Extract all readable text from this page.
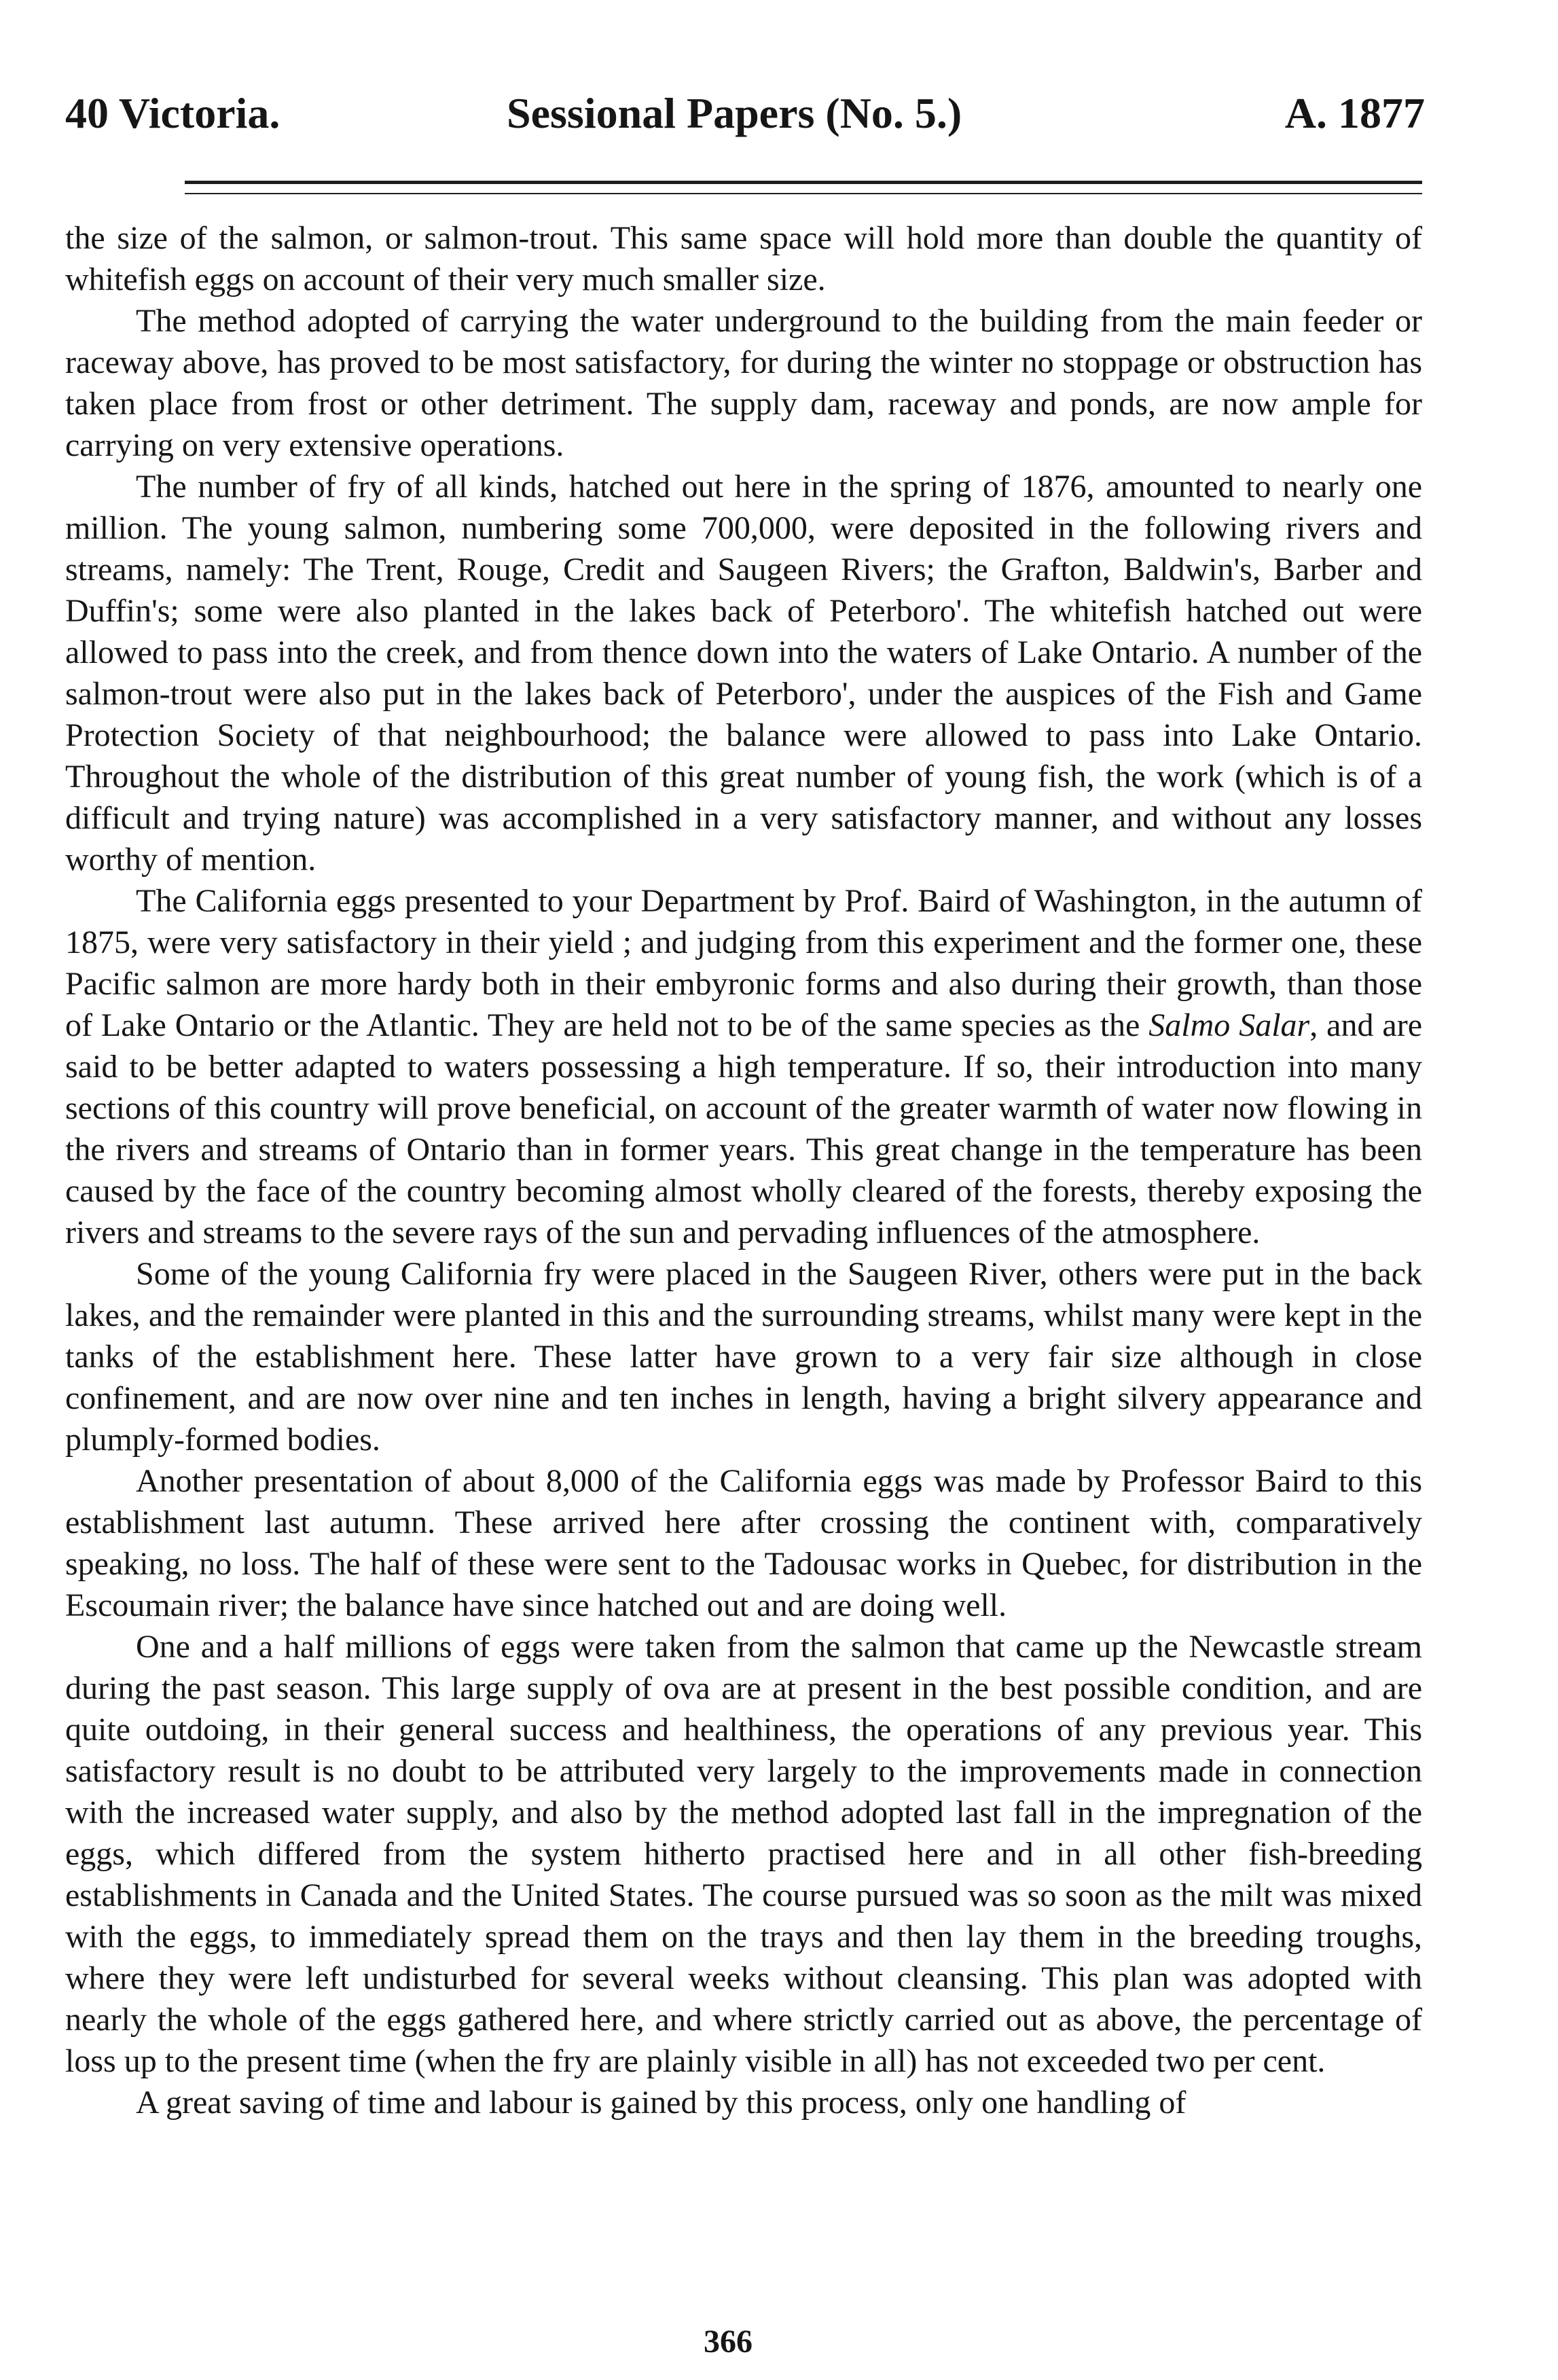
40 Victoria.	Sessional Papers (No. 5.)	A. 1877

the size of the salmon, or salmon-trout. This same space will hold more than double the quantity of whitefish eggs on account of their very much smaller size.

The method adopted of carrying the water underground to the building from the main feeder or raceway above, has proved to be most satisfactory, for during the winter no stoppage or obstruction has taken place from frost or other detriment. The supply dam, raceway and ponds, are now ample for carrying on very extensive operations.

The number of fry of all kinds, hatched out here in the spring of 1876, amounted to nearly one million. The young salmon, numbering some 700,000, were deposited in the following rivers and streams, namely: The Trent, Rouge, Credit and Saugeen Rivers; the Grafton, Baldwin's, Barber and Duffin's; some were also planted in the lakes back of Peterboro'. The whitefish hatched out were allowed to pass into the creek, and from thence down into the waters of Lake Ontario. A number of the salmon-trout were also put in the lakes back of Peterboro', under the auspices of the Fish and Game Protection Society of that neighbourhood; the balance were allowed to pass into Lake Ontario. Throughout the whole of the distribution of this great number of young fish, the work (which is of a difficult and trying nature) was accomplished in a very satisfactory manner, and without any losses worthy of mention.

The California eggs presented to your Department by Prof. Baird of Washington, in the autumn of 1875, were very satisfactory in their yield ; and judging from this experiment and the former one, these Pacific salmon are more hardy both in their embyronic forms and also during their growth, than those of Lake Ontario or the Atlantic. They are held not to be of the same species as the Salmo Salar, and are said to be better adapted to waters possessing a high temperature. If so, their introduction into many sections of this country will prove beneficial, on account of the greater warmth of water now flowing in the rivers and streams of Ontario than in former years. This great change in the temperature has been caused by the face of the country becoming almost wholly cleared of the forests, thereby exposing the rivers and streams to the severe rays of the sun and pervading influences of the atmosphere.

Some of the young California fry were placed in the Saugeen River, others were put in the back lakes, and the remainder were planted in this and the surrounding streams, whilst many were kept in the tanks of the establishment here. These latter have grown to a very fair size although in close confinement, and are now over nine and ten inches in length, having a bright silvery appearance and plumply-formed bodies.

Another presentation of about 8,000 of the California eggs was made by Professor Baird to this establishment last autumn. These arrived here after crossing the continent with, comparatively speaking, no loss. The half of these were sent to the Tadousac works in Quebec, for distribution in the Escoumain river; the balance have since hatched out and are doing well.

One and a half millions of eggs were taken from the salmon that came up the Newcastle stream during the past season. This large supply of ova are at present in the best possible condition, and are quite outdoing, in their general success and healthiness, the operations of any previous year. This satisfactory result is no doubt to be attributed very largely to the improvements made in connection with the increased water supply, and also by the method adopted last fall in the impregnation of the eggs, which differed from the system hitherto practised here and in all other fish-breeding establishments in Canada and the United States. The course pursued was so soon as the milt was mixed with the eggs, to immediately spread them on the trays and then lay them in the breeding troughs, where they were left undisturbed for several weeks without cleansing. This plan was adopted with nearly the whole of the eggs gathered here, and where strictly carried out as above, the percentage of loss up to the present time (when the fry are plainly visible in all) has not exceeded two per cent.

A great saving of time and labour is gained by this process, only one handling of

366
